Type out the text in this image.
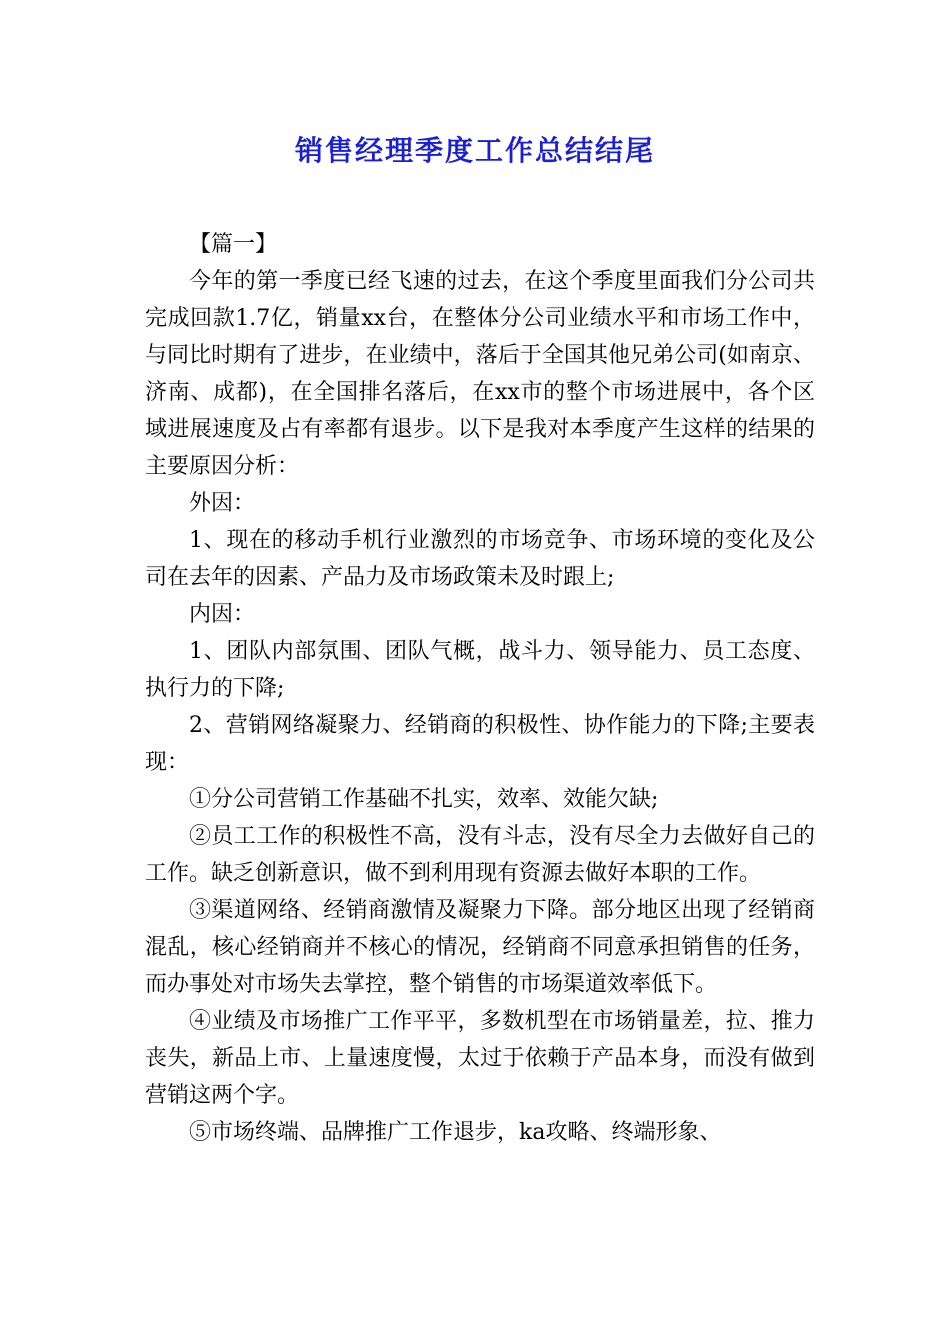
销售经理季度工作总结结尾

【篇一】

今年的第一季度已经飞速的过去，在这个季度里面我们分公司共完成回款1.7亿，销量xx台，在整体分公司业绩水平和市场工作中，与同比时期有了进步，在业绩中，落后于全国其他兄弟公司(如南京、济南、成都)，在全国排名落后，在xx市的整个市场进展中，各个区域进展速度及占有率都有退步。以下是我对本季度产生这样的结果的主要原因分析：

外因：

1、现在的移动手机行业激烈的市场竞争、市场环境的变化及公司在去年的因素、产品力及市场政策未及时跟上;

内因：

1、团队内部氛围、团队气概，战斗力、领导能力、员工态度、执行力的下降;

2、营销网络凝聚力、经销商的积极性、协作能力的下降;主要表现：

①分公司营销工作基础不扎实，效率、效能欠缺;

②员工工作的积极性不高，没有斗志，没有尽全力去做好自己的工作。缺乏创新意识，做不到利用现有资源去做好本职的工作。

③渠道网络、经销商激情及凝聚力下降。部分地区出现了经销商混乱，核心经销商并不核心的情况，经销商不同意承担销售的任务，而办事处对市场失去掌控，整个销售的市场渠道效率低下。

④业绩及市场推广工作平平，多数机型在市场销量差，拉、推力丧失，新品上市、上量速度慢，太过于依赖于产品本身，而没有做到营销这两个字。

⑤市场终端、品牌推广工作退步，ka攻略、终端形象、
